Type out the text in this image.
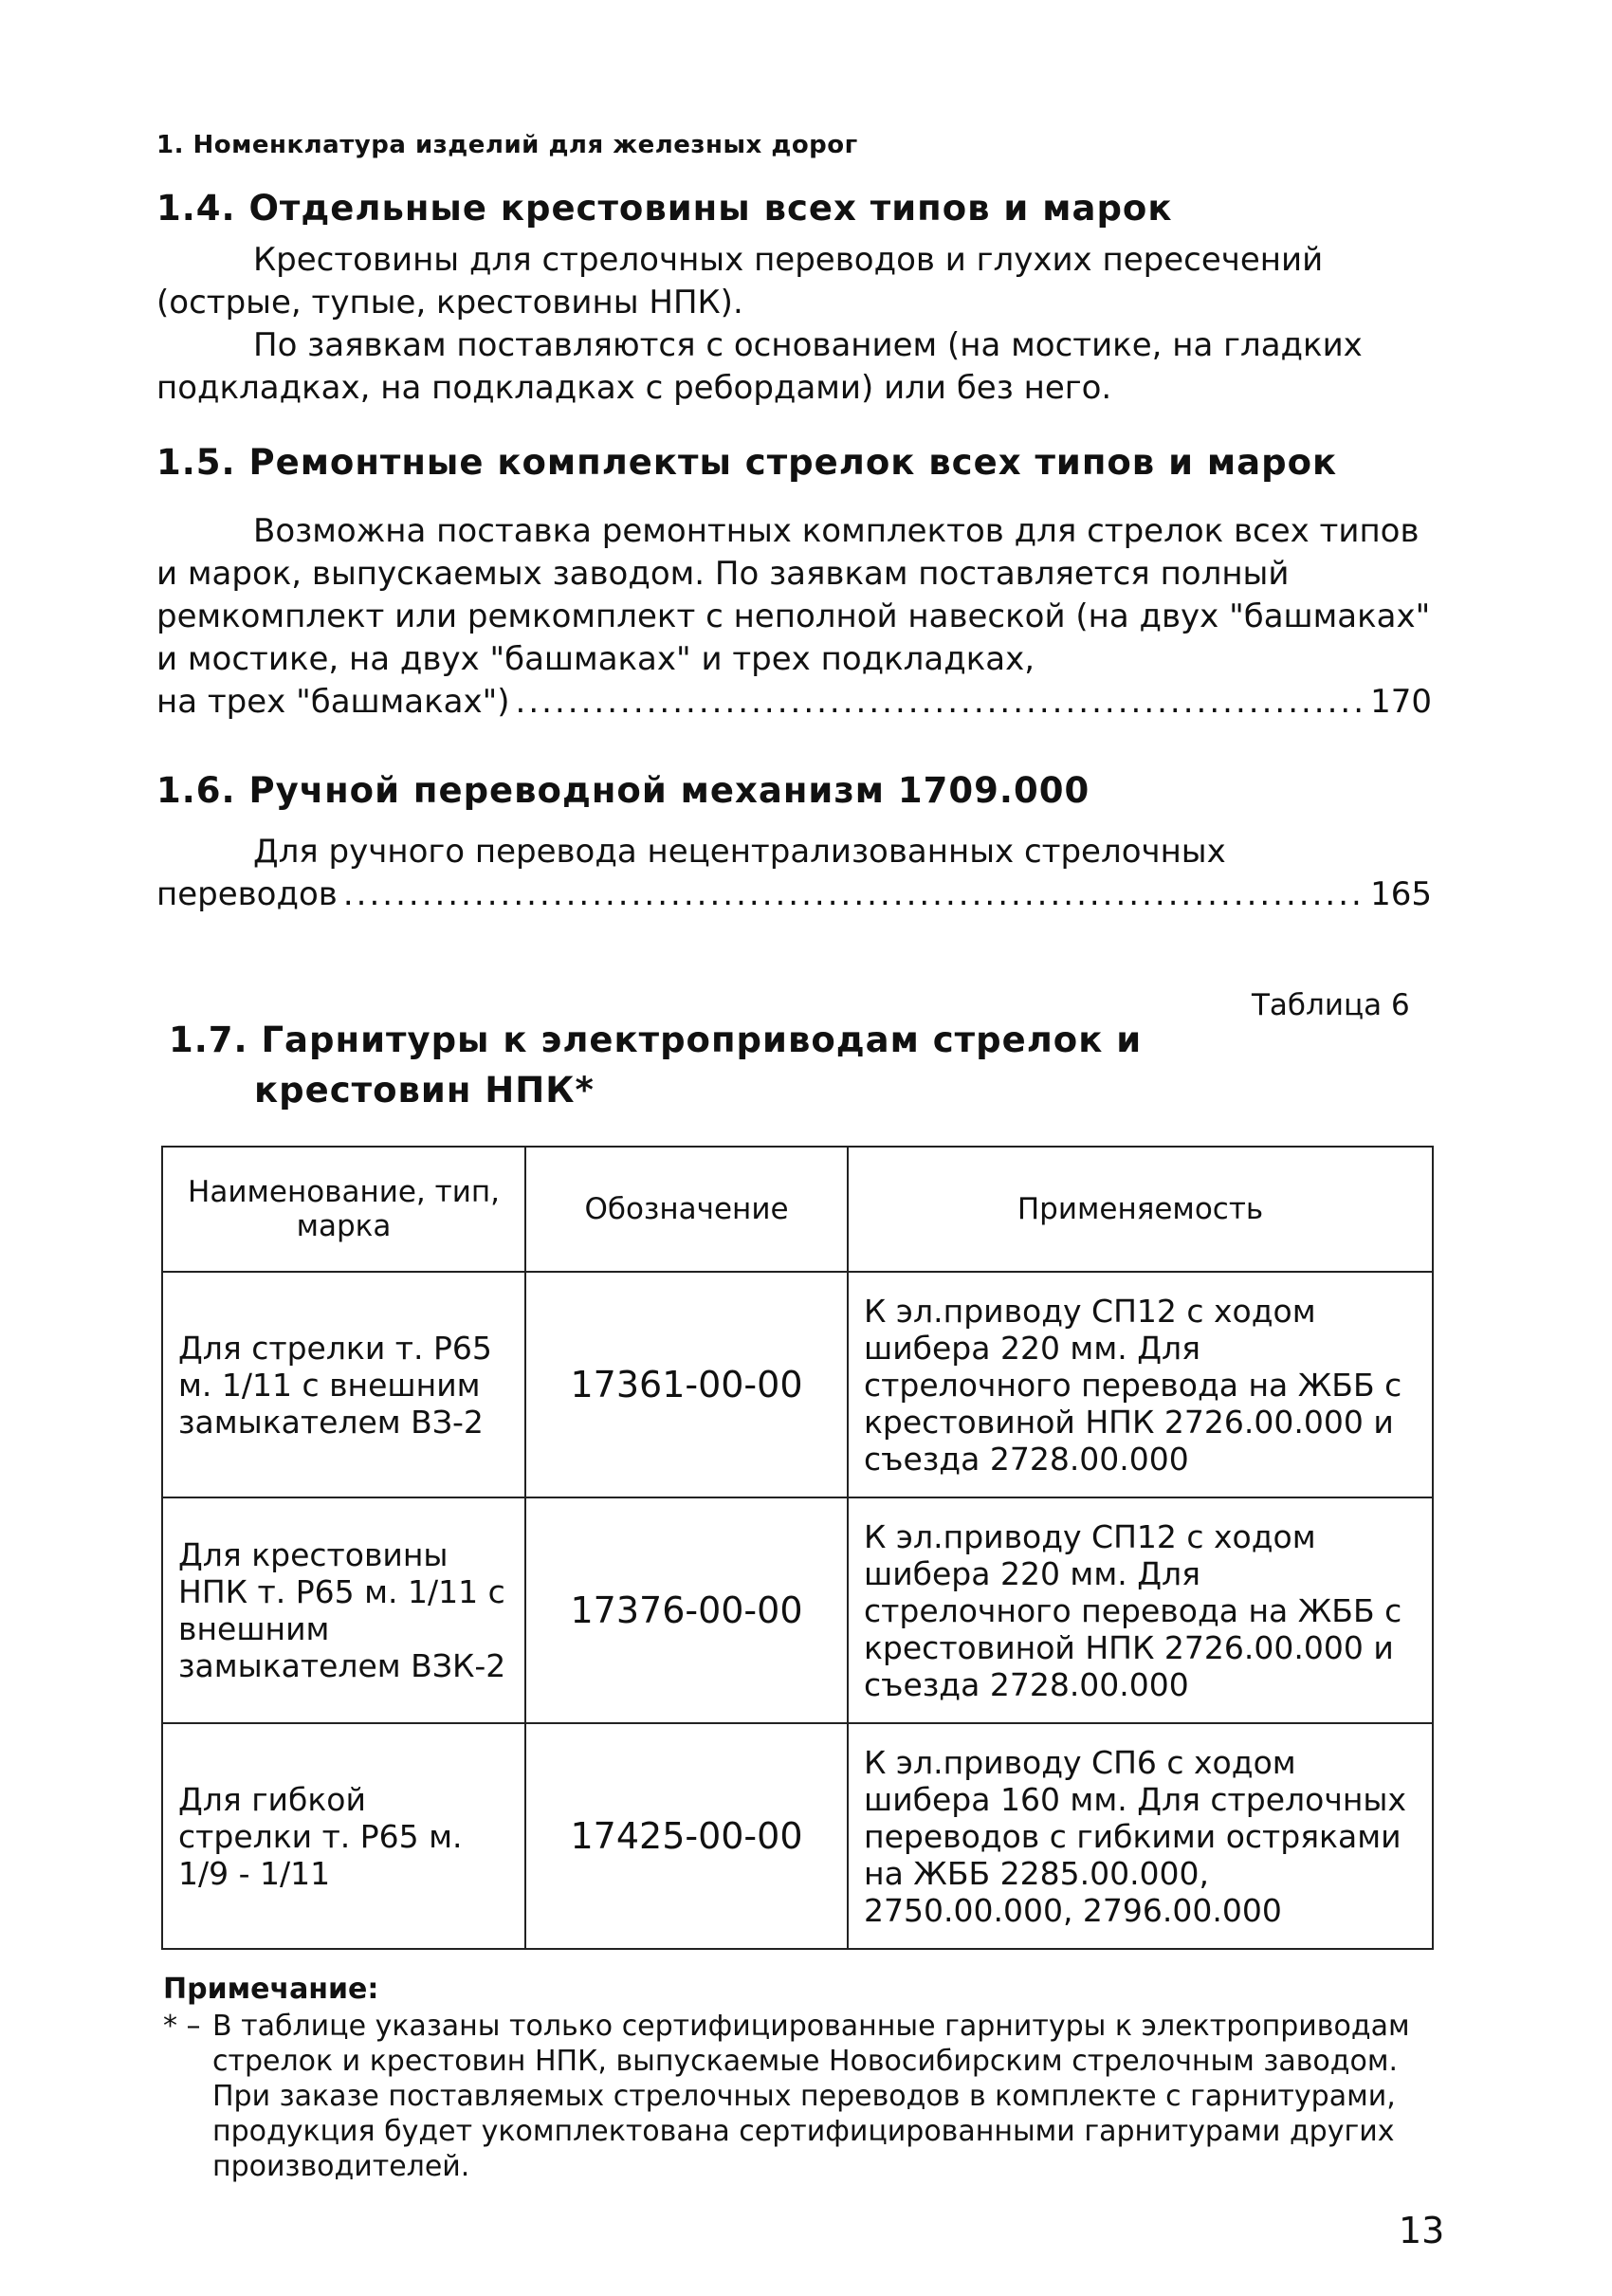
1. Номенклатура изделий для железных дорог
1.4. Отдельные крестовины всех типов и марок

Крестовины для стрелочных переводов и глухих пересечений (острые, тупые, крестовины НПК).

По заявкам поставляются с основанием (на мостике, на гладких подкладках, на подкладках с ребордами) или без него.

1.5. Ремонтные комплекты стрелок всех типов и марок

Возможна поставка ремонтных комплектов для стрелок всех типов и марок, выпускаемых заводом. По заявкам поставляется полный ремкомплект или ремкомплект с неполной навеской (на двух "башмаках" и мостике, на двух "башмаках" и трех подкладках,

на трех "башмаках") .....	170
1.6. Ручной переводной механизм 1709.000

Для ручного перевода нецентрализованных стрелочных

переводов .....	165
Таблица 6
1.7. Гарнитуры к электроприводам стрелок и
крестовин НПК*
Наименование, тип, марка	Обозначение	Применяемость
Для стрелки т. Р65 м. 1/11 с внешним замыкателем ВЗ-2	17361-00-00	К эл.приводу СП12 с ходом шибера 220 мм. Для стрелочного перевода на ЖББ с крестовиной НПК 2726.00.000 и съезда 2728.00.000
Для крестовины НПК т. Р65 м. 1/11 с внешним замыкателем ВЗК-2	17376-00-00	К эл.приводу СП12 с ходом шибера 220 мм. Для стрелочного перевода на ЖББ с крестовиной НПК 2726.00.000 и съезда 2728.00.000
Для гибкой стрелки т. Р65 м. 1/9 - 1/11	17425-00-00	К эл.приводу СП6 с ходом шибера 160 мм. Для стрелочных переводов с гибкими остряками на ЖББ 2285.00.000, 2750.00.000, 2796.00.000
Примечание:
* – В таблице указаны только сертифицированные гарнитуры к электроприводам стрелок и крестовин НПК, выпускаемые Новосибирским стрелочным заводом. При заказе поставляемых стрелочных переводов в комплекте с гарнитурами, продукция будет укомплектована сертифицированными гарнитурами других производителей.
13
